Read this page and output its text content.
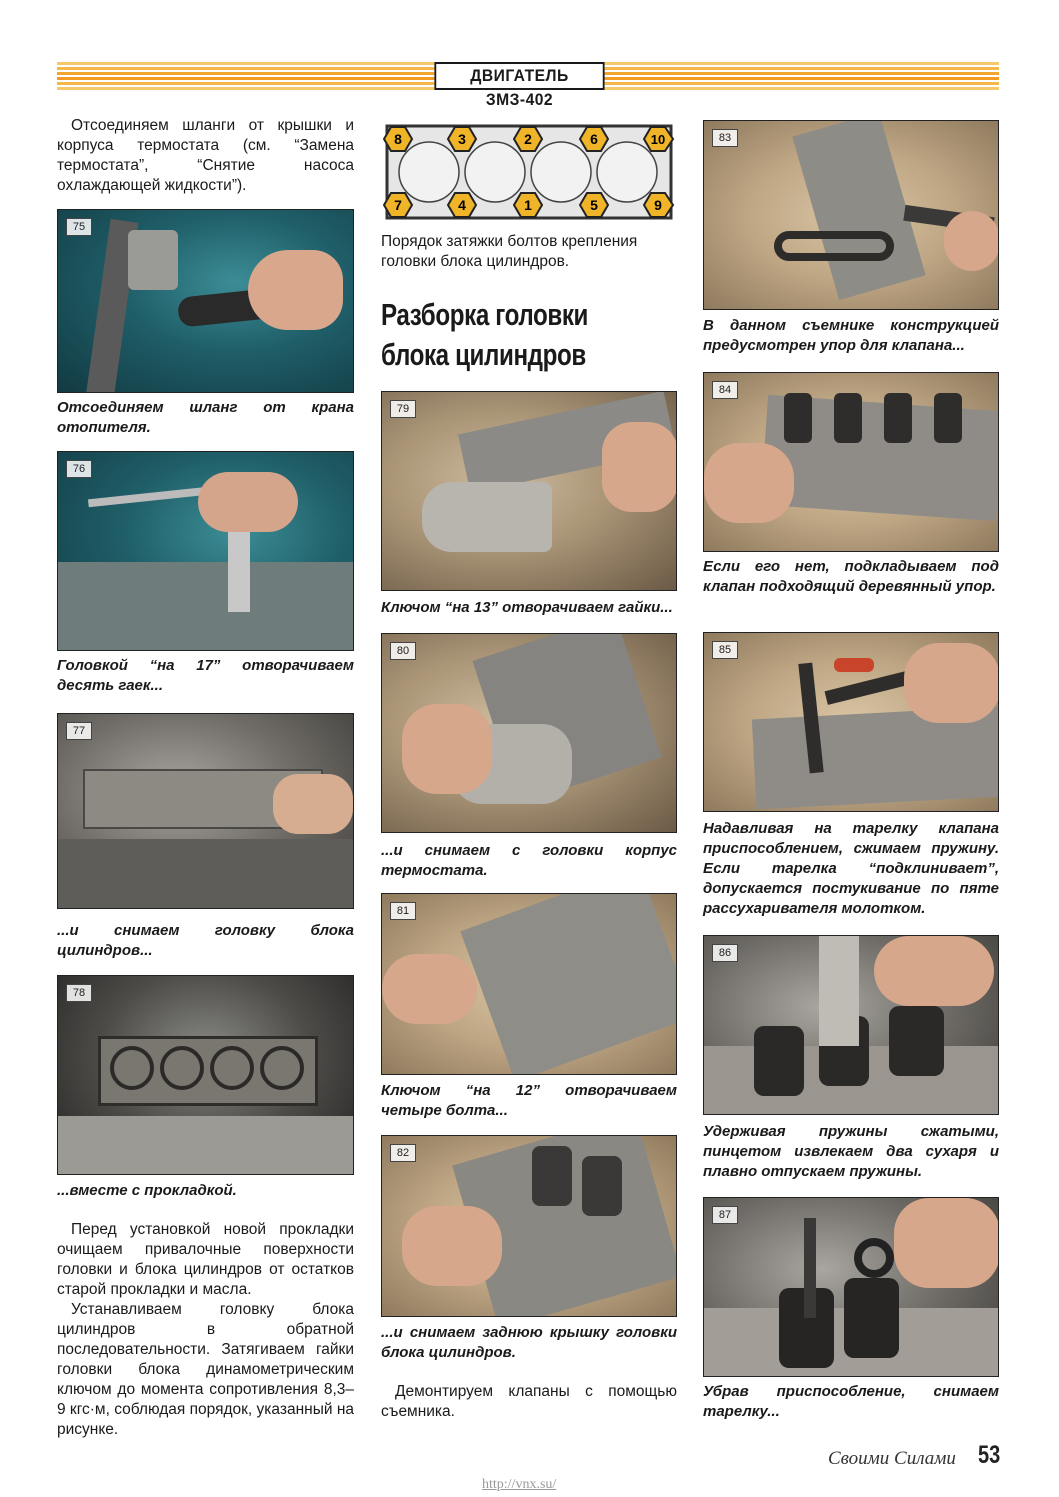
ДВИГАТЕЛЬ ЗМЗ-402
Отсоединяем шланги от крышки и корпуса термостата (см. “Замена термостата”, “Снятие насоса охлаждающей жидкости”).
75
Отсоединяем шланг от крана отопителя.
76
Головкой “на 17” отворачиваем десять гаек...
77
...и снимаем головку блока цилиндров...
78
...вместе с прокладкой.
Перед установкой новой прокладки очищаем привалочные поверхности головки и блока цилиндров от остатков старой прокладки и масла.
Устанавливаем головку блока цилиндров в обратной последовательности. Затягиваем гайки головки блока динамометрическим ключом до момента сопротивления 8,3–9 кгс·м, соблюдая порядок, указанный на рисунке.
8	3	2	6	10
7	4	1	5	9
Порядок затяжки болтов крепления головки блока цилиндров.
Разборка головки
блока цилиндров
79
Ключом “на 13” отворачиваем гайки...
80
...и снимаем с головки корпус термостата.
81
Ключом “на 12” отворачиваем четыре болта...
82
...и снимаем заднюю крышку головки блока цилиндров.
Демонтируем клапаны с помощью съемника.
83
В данном съемнике конструкцией предусмотрен упор для клапана...
84
Если его нет, подкладываем под клапан подходящий деревянный упор.
85
Надавливая на тарелку клапана приспособлением, сжимаем пружину. Если тарелка “подклинивает”, допускается постукивание по пяте рассухаривателя молотком.
86
Удерживая пружины сжатыми, пинцетом извлекаем два сухаря и плавно отпускаем пружины.
87
Убрав приспособление, снимаем тарелку...
Своими Силами 53
http://vnx.su/
